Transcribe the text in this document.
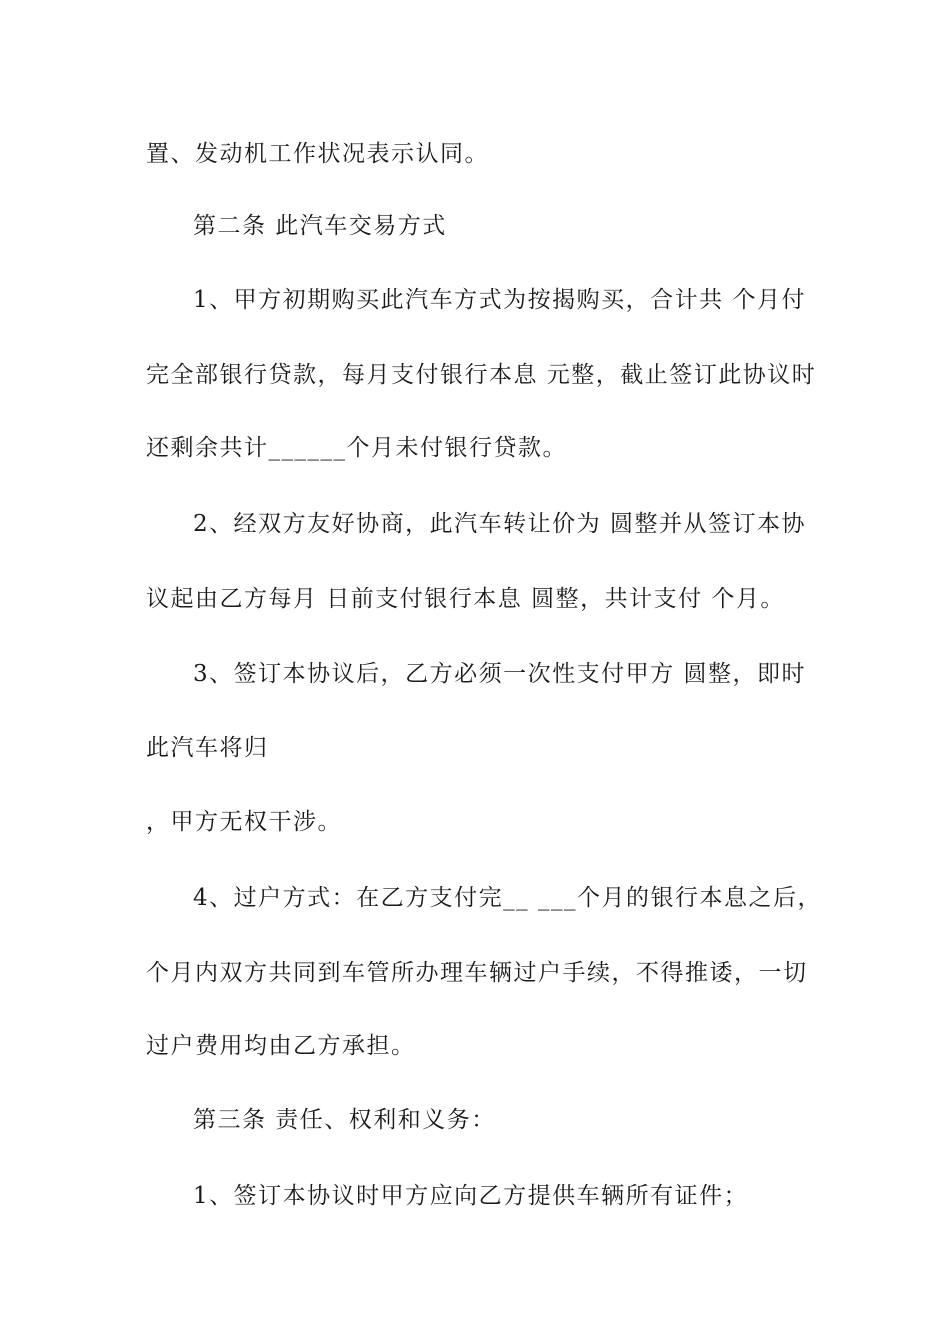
置、发动机工作状况表示认同。
第二条 此汽车交易方式
1、甲方初期购买此汽车方式为按揭购买，合计共 个月付
完全部银行贷款，每月支付银行本息 元整，截止签订此协议时
还剩余共计______个月未付银行贷款。
2、经双方友好协商，此汽车转让价为 圆整并从签订本协
议起由乙方每月 日前支付银行本息 圆整，共计支付 个月。
3、签订本协议后，乙方必须一次性支付甲方 圆整，即时
此汽车将归
，甲方无权干涉。
4、过户方式：在乙方支付完__ ___个月的银行本息之后，
个月内双方共同到车管所办理车辆过户手续，不得推诿，一切
过户费用均由乙方承担。
第三条 责任、权利和义务：
1、签订本协议时甲方应向乙方提供车辆所有证件；
